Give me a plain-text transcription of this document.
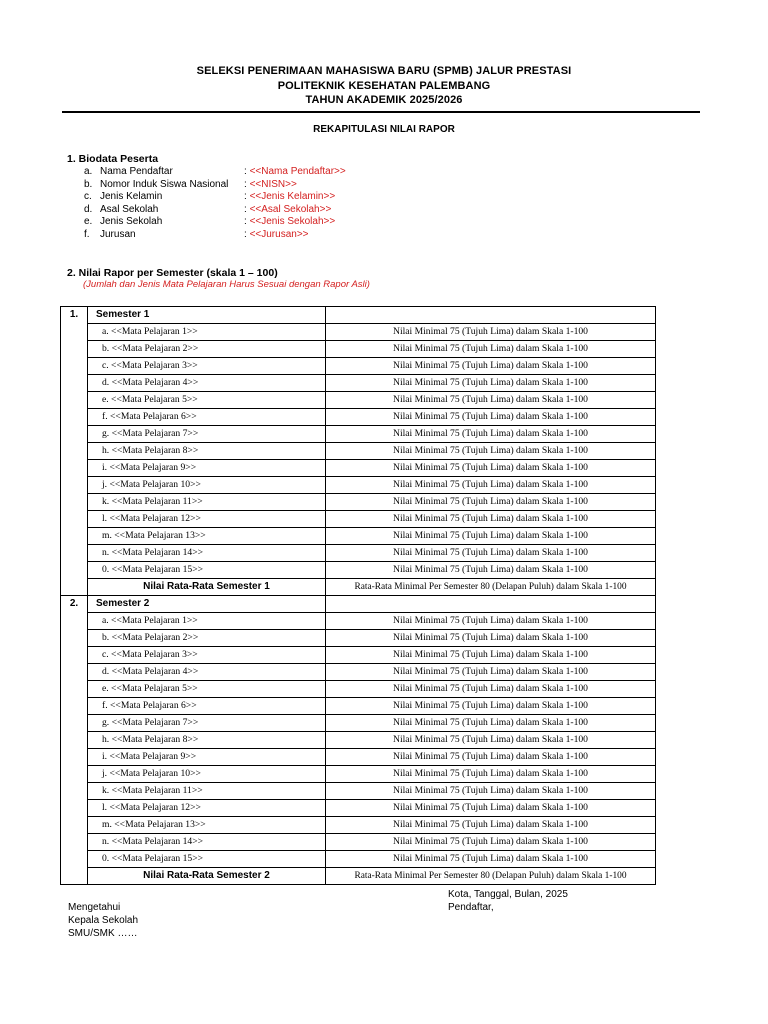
SELEKSI PENERIMAAN MAHASISWA BARU (SPMB) JALUR PRESTASI
POLITEKNIK KESEHATAN PALEMBANG
TAHUN AKADEMIK 2025/2026
REKAPITULASI NILAI RAPOR
1. Biodata Peserta
a. Nama Pendaftar	: <<Nama Pendaftar>>
b. Nomor Induk Siswa Nasional : <<NISN>>
c. Jenis Kelamin	: <<Jenis Kelamin>>
d. Asal Sekolah	: <<Asal Sekolah>>
e. Jenis Sekolah	: <<Jenis Sekolah>>
f.	Jurusan	: <<Jurusan>>
2. Nilai Rapor per Semester (skala 1 – 100)
(Jumlah dan Jenis Mata Pelajaran Harus Sesuai dengan Rapor Asli)
1.	Semester 1	
	a. <<Mata Pelajaran 1>>	Nilai Minimal 75 (Tujuh Lima) dalam Skala 1-100
	b. <<Mata Pelajaran 2>>	Nilai Minimal 75 (Tujuh Lima) dalam Skala 1-100
	c. <<Mata Pelajaran 3>>	Nilai Minimal 75 (Tujuh Lima) dalam Skala 1-100
	d. <<Mata Pelajaran 4>>	Nilai Minimal 75 (Tujuh Lima) dalam Skala 1-100
	e. <<Mata Pelajaran 5>>	Nilai Minimal 75 (Tujuh Lima) dalam Skala 1-100
	f. <<Mata Pelajaran 6>>	Nilai Minimal 75 (Tujuh Lima) dalam Skala 1-100
	g. <<Mata Pelajaran 7>>	Nilai Minimal 75 (Tujuh Lima) dalam Skala 1-100
	h. <<Mata Pelajaran 8>>	Nilai Minimal 75 (Tujuh Lima) dalam Skala 1-100
	i. <<Mata Pelajaran 9>>	Nilai Minimal 75 (Tujuh Lima) dalam Skala 1-100
	j. <<Mata Pelajaran 10>>	Nilai Minimal 75 (Tujuh Lima) dalam Skala 1-100
	k. <<Mata Pelajaran 11>>	Nilai Minimal 75 (Tujuh Lima) dalam Skala 1-100
	l. <<Mata Pelajaran 12>>	Nilai Minimal 75 (Tujuh Lima) dalam Skala 1-100
	m. <<Mata Pelajaran 13>>	Nilai Minimal 75 (Tujuh Lima) dalam Skala 1-100
	n. <<Mata Pelajaran 14>>	Nilai Minimal 75 (Tujuh Lima) dalam Skala 1-100
	0. <<Mata Pelajaran 15>>	Nilai Minimal 75 (Tujuh Lima) dalam Skala 1-100
	Nilai Rata-Rata Semester 1	Rata-Rata Minimal Per Semester 80 (Delapan Puluh) dalam Skala 1-100
2.	Semester 2	
	a. <<Mata Pelajaran 1>>	Nilai Minimal 75 (Tujuh Lima) dalam Skala 1-100
	b. <<Mata Pelajaran 2>>	Nilai Minimal 75 (Tujuh Lima) dalam Skala 1-100
	c. <<Mata Pelajaran 3>>	Nilai Minimal 75 (Tujuh Lima) dalam Skala 1-100
	d. <<Mata Pelajaran 4>>	Nilai Minimal 75 (Tujuh Lima) dalam Skala 1-100
	e. <<Mata Pelajaran 5>>	Nilai Minimal 75 (Tujuh Lima) dalam Skala 1-100
	f. <<Mata Pelajaran 6>>	Nilai Minimal 75 (Tujuh Lima) dalam Skala 1-100
	g. <<Mata Pelajaran 7>>	Nilai Minimal 75 (Tujuh Lima) dalam Skala 1-100
	h. <<Mata Pelajaran 8>>	Nilai Minimal 75 (Tujuh Lima) dalam Skala 1-100
	i. <<Mata Pelajaran 9>>	Nilai Minimal 75 (Tujuh Lima) dalam Skala 1-100
	j. <<Mata Pelajaran 10>>	Nilai Minimal 75 (Tujuh Lima) dalam Skala 1-100
	k. <<Mata Pelajaran 11>>	Nilai Minimal 75 (Tujuh Lima) dalam Skala 1-100
	l. <<Mata Pelajaran 12>>	Nilai Minimal 75 (Tujuh Lima) dalam Skala 1-100
	m. <<Mata Pelajaran 13>>	Nilai Minimal 75 (Tujuh Lima) dalam Skala 1-100
	n. <<Mata Pelajaran 14>>	Nilai Minimal 75 (Tujuh Lima) dalam Skala 1-100
	0. <<Mata Pelajaran 15>>	Nilai Minimal 75 (Tujuh Lima) dalam Skala 1-100
	Nilai Rata-Rata Semester 2	Rata-Rata Minimal Per Semester 80 (Delapan Puluh) dalam Skala 1-100
Kota, Tanggal, Bulan, 2025
Pendaftar,
Mengetahui
Kepala Sekolah
SMU/SMK ……
